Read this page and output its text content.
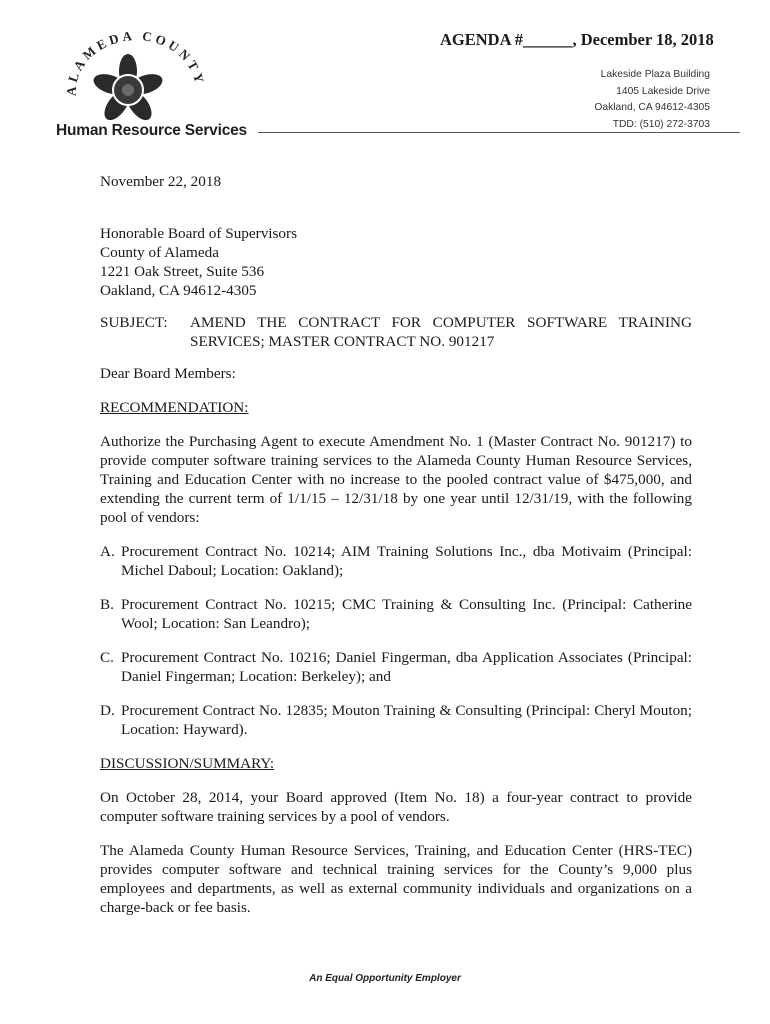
ALAMEDA COUNTY
Human Resource Services
AGENDA #______, December 18, 2018
Lakeside Plaza Building
1405 Lakeside Drive
Oakland, CA 94612-4305
TDD: (510) 272-3703

November 22, 2018

Honorable Board of Supervisors
County of Alameda
1221 Oak Street, Suite 536
Oakland, CA 94612-4305
SUBJECT:	AMEND THE CONTRACT FOR COMPUTER SOFTWARE TRAINING SERVICES; MASTER CONTRACT NO. 901217

Dear Board Members:

RECOMMENDATION:

Authorize the Purchasing Agent to execute Amendment No. 1 (Master Contract No. 901217) to provide computer software training services to the Alameda County Human Resource Services, Training and Education Center with no increase to the pooled contract value of $475,000, and extending the current term of 1/1/15 – 12/31/18 by one year until 12/31/19, with the following pool of vendors:

A. Procurement Contract No. 10214; AIM Training Solutions Inc., dba Motivaim (Principal: Michel Daboul; Location: Oakland);
B. Procurement Contract No. 10215; CMC Training & Consulting Inc. (Principal: Catherine Wool; Location: San Leandro);
C. Procurement Contract No. 10216; Daniel Fingerman, dba Application Associates (Principal: Daniel Fingerman; Location: Berkeley); and
D. Procurement Contract No. 12835; Mouton Training & Consulting (Principal: Cheryl Mouton; Location: Hayward).

DISCUSSION/SUMMARY:

On October 28, 2014, your Board approved (Item No. 18) a four-year contract to provide computer software training services by a pool of vendors.

The Alameda County Human Resource Services, Training, and Education Center (HRS-TEC) provides computer software and technical training services for the County’s 9,000 plus employees and departments, as well as external community individuals and organizations on a charge-back or fee basis.

An Equal Opportunity Employer
